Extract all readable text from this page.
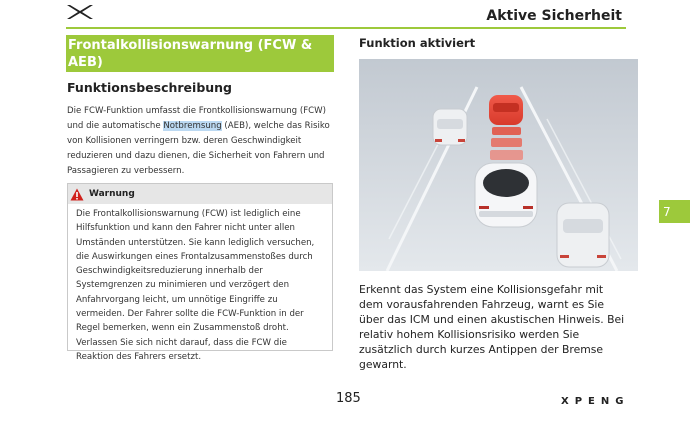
Aktive Sicherheit
Frontalkollisionswarnung (FCW & AEB)
Funktionsbeschreibung
Die FCW-Funktion umfasst die Frontkollisionswarnung (FCW) und die automatische Notbremsung (AEB), welche das Risiko von Kollisionen verringern bzw. deren Geschwindigkeit reduzieren und dazu dienen, die Sicherheit von Fahrern und Passagieren zu verbessern.
Warnung
Die Frontalkollisionswarnung (FCW) ist lediglich eine Hilfsfunktion und kann den Fahrer nicht unter allen Umständen unterstützen. Sie kann lediglich versuchen, die Auswirkungen eines Frontalzusammenstoßes durch Geschwindigkeitsreduzierung innerhalb der Systemgrenzen zu minimieren und verzögert den Anfahrvorgang leicht, um unnötige Eingriffe zu vermeiden. Der Fahrer sollte die FCW-Funktion in der Regel bemerken, wenn ein Zusammenstoß droht. Verlassen Sie sich nicht darauf, dass die FCW die Reaktion des Fahrers ersetzt.
Funktion aktiviert
Erkennt das System eine Kollisionsgefahr mit dem vorausfahrenden Fahrzeug, warnt es Sie über das ICM und einen akustischen Hinweis. Bei relativ hohem Kollisionsrisiko werden Sie zusätzlich durch kurzes Antippen der Bremse gewarnt.
7
185	XPENG
